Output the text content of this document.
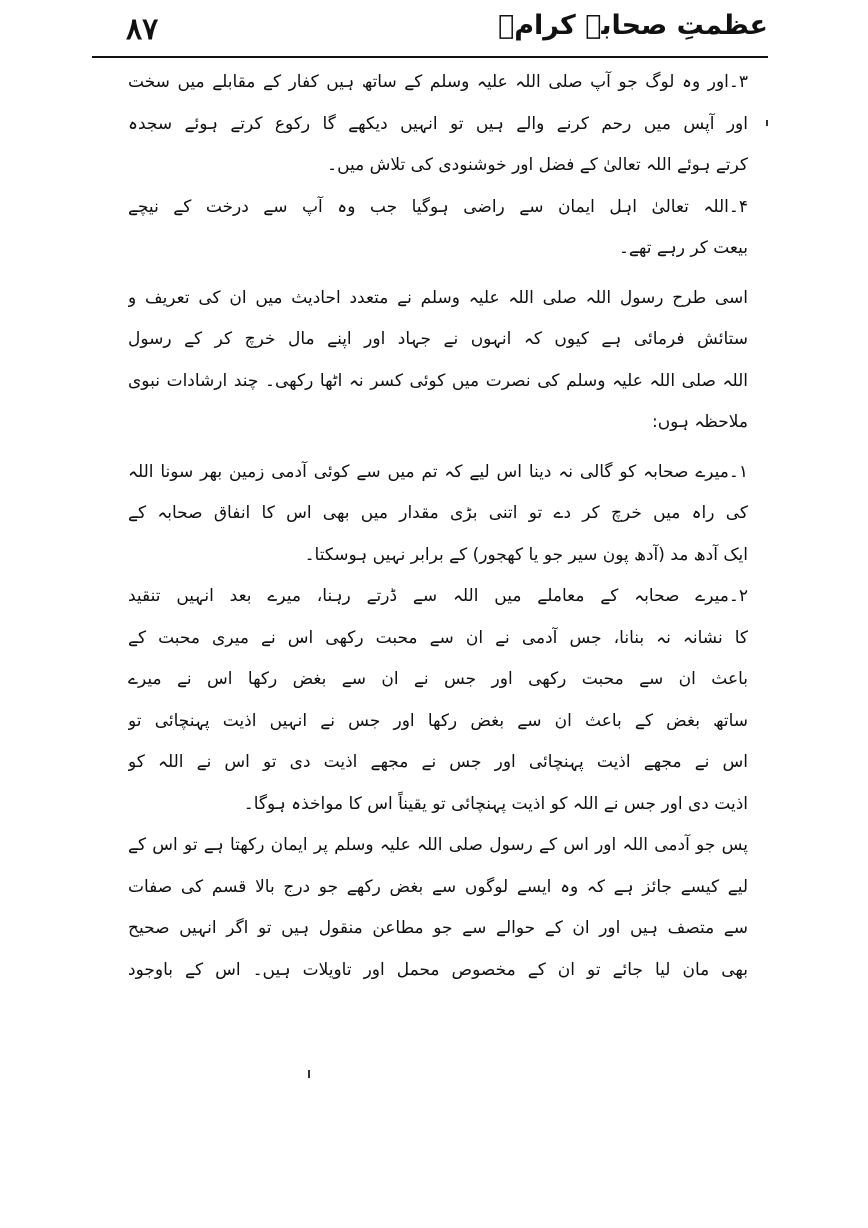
۸۷	عظمتِ صحابہ کرامؓ
۳۔اور وہ لوگ جو آپ صلی اللہ علیہ وسلم کے ساتھ ہیں کفار کے مقابلے میں سخت
اور آپس میں رحم کرنے والے ہیں تو انہیں دیکھے گا رکوع کرتے ہوئے سجدہ
کرتے ہوئے اللہ تعالیٰ کے فضل اور خوشنودی کی تلاش میں۔
۴۔اللہ تعالیٰ اہل ایمان سے راضی ہوگیا جب وہ آپ سے درخت کے نیچے
بیعت کر رہے تھے۔
اسی طرح رسول اللہ صلی اللہ علیہ وسلم نے متعدد احادیث میں ان کی تعریف و
ستائش فرمائی ہے کیوں کہ انہوں نے جہاد اور اپنے مال خرچ کر کے رسول
اللہ صلی اللہ علیہ وسلم کی نصرت میں کوئی کسر نہ اٹھا رکھی۔ چند ارشادات نبوی
ملاحظہ ہوں:
۱۔میرے صحابہ کو گالی نہ دینا اس لیے کہ تم میں سے کوئی آدمی زمین بھر سونا اللہ
کی راہ میں خرچ کر دے تو اتنی بڑی مقدار میں بھی اس کا انفاق صحابہ کے
ایک آدھ مد (آدھ پون سیر جو یا کھجور) کے برابر نہیں ہوسکتا۔
۲۔میرے صحابہ کے معاملے میں اللہ سے ڈرتے رہنا، میرے بعد انہیں تنقید
کا نشانہ نہ بنانا، جس آدمی نے ان سے محبت رکھی اس نے میری محبت کے
باعث ان سے محبت رکھی اور جس نے ان سے بغض رکھا اس نے میرے
ساتھ بغض کے باعث ان سے بغض رکھا اور جس نے انہیں اذیت پہنچائی تو
اس نے مجھے اذیت پہنچائی اور جس نے مجھے اذیت دی تو اس نے اللہ کو
اذیت دی اور جس نے اللہ کو اذیت پہنچائی تو یقیناً اس کا مواخذہ ہوگا۔
پس جو آدمی اللہ اور اس کے رسول صلی اللہ علیہ وسلم پر ایمان رکھتا ہے تو اس کے
لیے کیسے جائز ہے کہ وہ ایسے لوگوں سے بغض رکھے جو درج بالا قسم کی صفات
سے متصف ہیں اور ان کے حوالے سے جو مطاعن منقول ہیں تو اگر انہیں صحیح
بھی مان لیا جائے تو ان کے مخصوص محمل اور تاویلات ہیں۔ اس کے باوجود
